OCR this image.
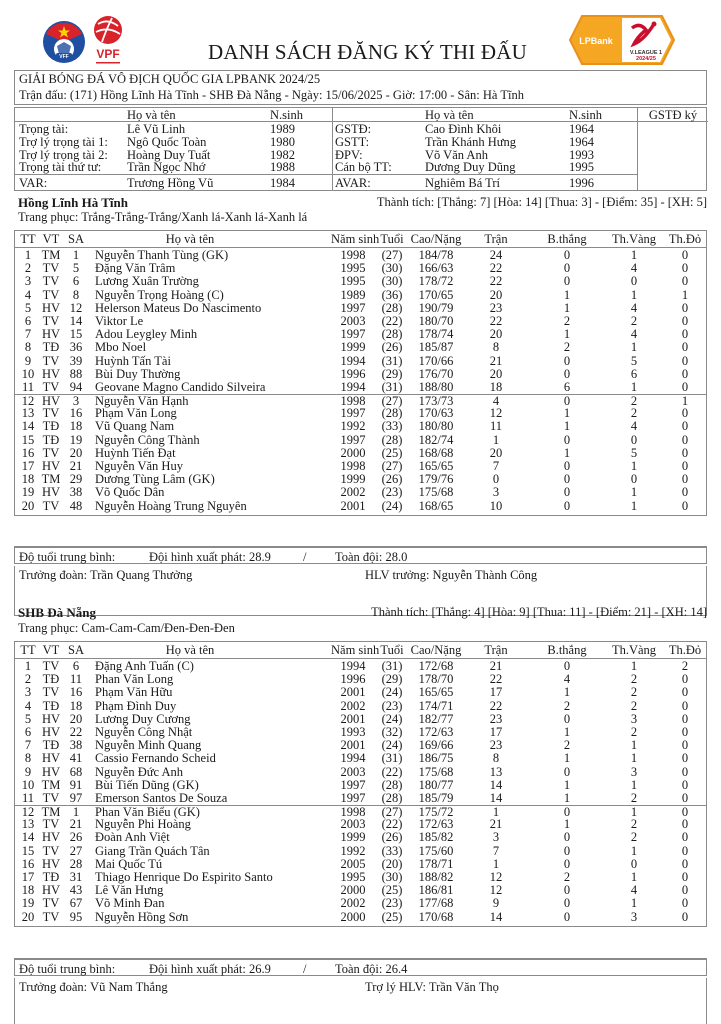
VFF VPF
LPBank
V.LEAGUE 1
2024/25
DANH SÁCH ĐĂNG KÝ THI ĐẤU
GIẢI BÓNG ĐÁ VÔ ĐỊCH QUỐC GIA LPBANK 2024/25
Trận đấu: (171) Hồng Lĩnh Hà Tĩnh - SHB Đà Nẵng - Ngày: 15/06/2025 - Giờ: 17:00 - Sân: Hà Tĩnh
Họ và tên	N.sinh
Trọng tài:	Lê Vũ Linh	1989
Trợ lý trọng tài 1: Ngô Quốc Toàn	1980
Trợ lý trọng tài 2: Hoàng Duy Tuất	1982
Trọng tài thứ tư: Trần Ngọc Nhớ	1988
VAR:	Trương Hồng Vũ	1984
Họ và tên	N.sinh
GSTĐ:	Cao Đình Khôi	1964
GSTT:	Trần Khánh Hưng	1964
ĐPV:	Võ Văn Anh	1993
Cán bộ TT:	Dương Duy Dũng	1995
AVAR:	Nghiêm Bá Trí	1996
GSTĐ ký
Hồng Lĩnh Hà Tĩnh	Thành tích: [Thắng: 7] [Hòa: 14] [Thua: 3] - [Điểm: 35] - [XH: 5]
Trang phục: Trắng-Trắng-Trắng/Xanh lá-Xanh lá-Xanh lá
TT VT SA	Họ và tên	Năm sinh Tuổi Cao/Nặng	Trận	B.thắng	Th.Vàng	Th.Đỏ
1 TM	1	Nguyễn Thanh Tùng (GK)	1998	(27)	184/78	24	0	1	0
2 TV	5	Đặng Văn Trâm	1995	(30)	166/63	22	0	4	0
3 TV	6	Lương Xuân Trường	1995	(30)	178/72	22	0	0	0
4 TV	8	Nguyễn Trọng Hoàng (C)	1989	(36)	170/65	20	1	1	1
5 HV 12	Helerson Mateus Do Nascimento	1997	(28)	190/79	23	1	4	0
6 TV 14	Viktor Le	2003	(22)	180/70	22	2	2	0
7 HV 15	Adou Leygley Minh	1997	(28)	178/74	20	1	4	0
8 TĐ 36	Mbo Noel	1999	(26)	185/87	8	2	1	0
9 TV 39	Huỳnh Tấn Tài	1994	(31)	170/66	21	0	5	0
10 HV 88	Bùi Duy Thường	1996	(29)	176/70	20	0	6	0
11 TV 94	Geovane Magno Candido Silveira	1994	(31)	188/80	18	6	1	0
12 HV	3	Nguyễn Văn Hạnh	1998	(27)	173/73	4	0	2	1
13 TV 16	Phạm Văn Long	1997	(28)	170/63	12	1	2	0
14 TĐ 18	Vũ Quang Nam	1992	(33)	180/80	11	1	4	0
15 TĐ 19	Nguyễn Công Thành	1997	(28)	182/74	1	0	0	0
16 TV 20	Huỳnh Tiến Đạt	2000	(25)	168/68	20	1	5	0
17 HV 21	Nguyễn Văn Huy	1998	(27)	165/65	7	0	1	0
18 TM 29	Dương Tùng Lâm (GK)	1999	(26)	179/76	0	0	0	0
19 HV 38	Võ Quốc Dân	2002	(23)	175/68	3	0	1	0
20 TV 48	Nguyễn Hoàng Trung Nguyên	2001	(24)	168/65	10	0	1	0
Độ tuổi trung bình:	Đội hình xuất phát: 28.9	/ Toàn đội: 28.0
Trưởng đoàn: Trần Quang Thưởng	HLV trưởng: Nguyễn Thành Công
SHB Đà Nẵng	Thành tích: [Thắng: 4] [Hòa: 9] [Thua: 11] - [Điểm: 21] - [XH: 14]
Trang phục: Cam-Cam-Cam/Đen-Đen-Đen
TT VT SA	Họ và tên	Năm sinh Tuổi Cao/Nặng	Trận	B.thắng	Th.Vàng	Th.Đỏ
1 TV	6	Đặng Anh Tuấn (C)	1994	(31)	172/68	21	0	1	2
2 TĐ 11	Phan Văn Long	1996	(29)	178/70	22	4	2	0
3 TV 16	Phạm Văn Hữu	2001	(24)	165/65	17	1	2	0
4 TĐ 18	Phạm Đình Duy	2002	(23)	174/71	22	2	2	0
5 HV 20	Lương Duy Cương	2001	(24)	182/77	23	0	3	0
6 HV 22	Nguyễn Công Nhật	1993	(32)	172/63	17	1	2	0
7 TĐ 38	Nguyễn Minh Quang	2001	(24)	169/66	23	2	1	0
8 HV 41	Cassio Fernando Scheid	1994	(31)	186/75	8	1	1	0
9 HV 68	Nguyễn Đức Anh	2003	(22)	175/68	13	0	3	0
10 TM 91	Bùi Tiến Dũng (GK)	1997	(28)	180/77	14	1	1	0
11 TV 97	Emerson Santos De Souza	1997	(28)	185/79	14	1	2	0
12 TM	1	Phan Văn Biểu (GK)	1998	(27)	175/72	1	0	1	0
13 TV 21	Nguyễn Phi Hoàng	2003	(22)	172/63	21	1	2	0
14 HV 26	Đoàn Anh Việt	1999	(26)	185/82	3	0	2	0
15 TV 27	Giang Trần Quách Tân	1992	(33)	175/60	7	0	1	0
16 HV 28	Mai Quốc Tú	2005	(20)	178/71	1	0	0	0
17 TĐ 31	Thiago Henrique Do Espirito Santo	1995	(30)	188/82	12	2	1	0
18 HV 43	Lê Văn Hưng	2000	(25)	186/81	12	0	4	0
19 TV 67	Võ Minh Đan	2002	(23)	177/68	9	0	1	0
20 TV 95	Nguyễn Hồng Sơn	2000	(25)	170/68	14	0	3	0
Độ tuổi trung bình:	Đội hình xuất phát: 26.9	/ Toàn đội: 26.4
Trưởng đoàn: Vũ Nam Thắng	Trợ lý HLV: Trần Văn Thọ
